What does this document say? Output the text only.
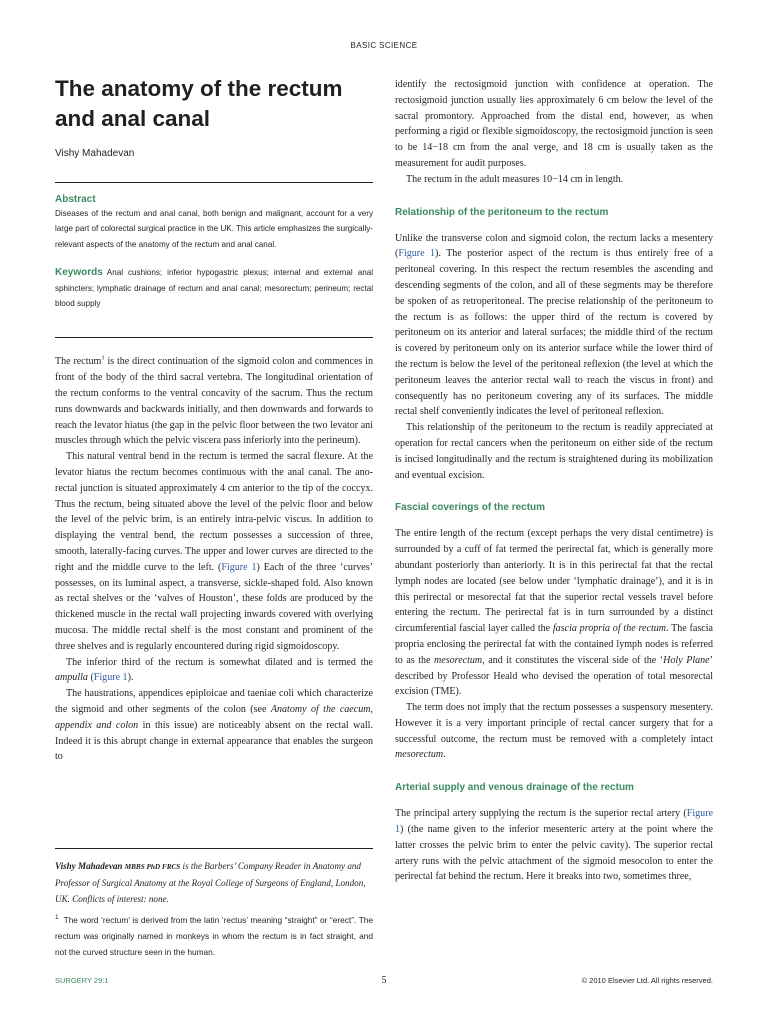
BASIC SCIENCE
The anatomy of the rectum and anal canal
Vishy Mahadevan
Abstract
Diseases of the rectum and anal canal, both benign and malignant, account for a very large part of colorectal surgical practice in the UK. This article emphasizes the surgically-relevant aspects of the anatomy of the rectum and anal canal.
Keywords Anal cushions; inferior hypogastric plexus; internal and external anal sphincters; lymphatic drainage of rectum and anal canal; mesorectum; perineum; rectal blood supply

The rectum$^1$ is the direct continuation of the sigmoid colon and commences in front of the body of the third sacral vertebra. The longitudinal orientation of the rectum conforms to the ventral concavity of the sacrum. Thus the rectum runs downwards and backwards initially, and then downwards and forwards to reach the levator hiatus (the gap in the pelvic floor between the two levator ani muscles through which the pelvic viscera pass inferiorly into the perineum).

This natural ventral bend in the rectum is termed the sacral flexure. At the levator hiatus the rectum becomes continuous with the anal canal. The ano-rectal junction is situated approximately 4 cm anterior to the tip of the coccyx. Thus the rectum, being situated above the level of the pelvic floor and below the level of the pelvic brim, is an entirely intra-pelvic viscus. In addition to displaying the ventral bend, the rectum possesses a succession of three, smooth, laterally-facing curves. The upper and lower curves are directed to the right and the middle curve to the left. (Figure 1) Each of the three ‘curves’ possesses, on its luminal aspect, a transverse, sickle-shaped fold. Also known as rectal shelves or the ‘valves of Houston’, these folds are produced by the thickened muscle in the rectal wall projecting inwards covered with overlying mucosa. The middle rectal shelf is the most constant and prominent of the three shelves and is regularly encountered during rigid sigmoidoscopy.

The inferior third of the rectum is somewhat dilated and is termed the ampulla (Figure 1).

The haustrations, appendices epiploicae and taeniae coli which characterize the sigmoid and other segments of the colon (see Anatomy of the caecum, appendix and colon in this issue) are noticeably absent on the rectal wall. Indeed it is this abrupt change in external appearance that enables the surgeon to

Vishy Mahadevan MBBS PhD FRCS is the Barbers’ Company Reader in Anatomy and Professor of Surgical Anatomy at the Royal College of Surgeons of England, London, UK. Conflicts of interest: none.
$^1$ The word ‘rectum’ is derived from the latin ‘rectus’ meaning “straight” or “erect”. The rectum was originally named in monkeys in whom the rectum is in fact straight, and not the curved structure seen in the human.

identify the rectosigmoid junction with confidence at operation. The rectosigmoid junction usually lies approximately 6 cm below the level of the sacral promontory. Approached from the distal end, however, as when performing a rigid or flexible sigmoidoscopy, the rectosigmoid junction is seen to be 14−18 cm from the anal verge, and 18 cm is usually taken as the measurement for audit purposes.

The rectum in the adult measures 10−14 cm in length.

Relationship of the peritoneum to the rectum

Unlike the transverse colon and sigmoid colon, the rectum lacks a mesentery (Figure 1). The posterior aspect of the rectum is thus entirely free of a peritoneal covering. In this respect the rectum resembles the ascending and descending segments of the colon, and all of these segments may be therefore be spoken of as retroperitoneal. The precise relationship of the peritoneum to the rectum is as follows: the upper third of the rectum is covered by peritoneum on its anterior and lateral surfaces; the middle third of the rectum is covered by peritoneum only on its anterior surface while the lower third of the rectum is below the level of the peritoneal reflexion (the level at which the peritoneum leaves the anterior rectal wall to reach the viscus in front) and consequently has no peritoneum covering any of its surfaces. The middle rectal shelf conveniently indicates the level of peritoneal reflexion.

This relationship of the peritoneum to the rectum is readily appreciated at operation for rectal cancers when the peritoneum on either side of the rectum is incised longitudinally and the rectum is straightened during its mobilization and eventual excision.

Fascial coverings of the rectum

The entire length of the rectum (except perhaps the very distal centimetre) is surrounded by a cuff of fat termed the perirectal fat, which is generally more abundant posteriorly than anteriorly. It is in this perirectal fat that the rectal lymph nodes are located (see below under ‘lymphatic drainage’), and it is in this perirectal or mesorectal fat that the superior rectal vessels travel before entering the rectum. The perirectal fat is in turn surrounded by a distinct circumferential fascial layer called the fascia propria of the rectum. The fascia propria enclosing the perirectal fat with the contained lymph nodes is referred to as the mesorectum, and it constitutes the visceral side of the ‘Holy Plane’ described by Professor Heald who devised the operation of total mesorectal excision (TME).

The term does not imply that the rectum possesses a suspensory mesentery. However it is a very important principle of rectal cancer surgery that for a successful outcome, the rectum must be removed with a completely intact mesorectum.

Arterial supply and venous drainage of the rectum

The principal artery supplying the rectum is the superior rectal artery (Figure 1) (the name given to the inferior mesenteric artery at the point where the latter crosses the pelvic brim to enter the pelvic cavity). The superior rectal artery runs with the pelvic attachment of the sigmoid mesocolon to enter the perirectal fat behind the rectum. Here it breaks into two, sometimes three,

SURGERY 29:1	5	© 2010 Elsevier Ltd. All rights reserved.
